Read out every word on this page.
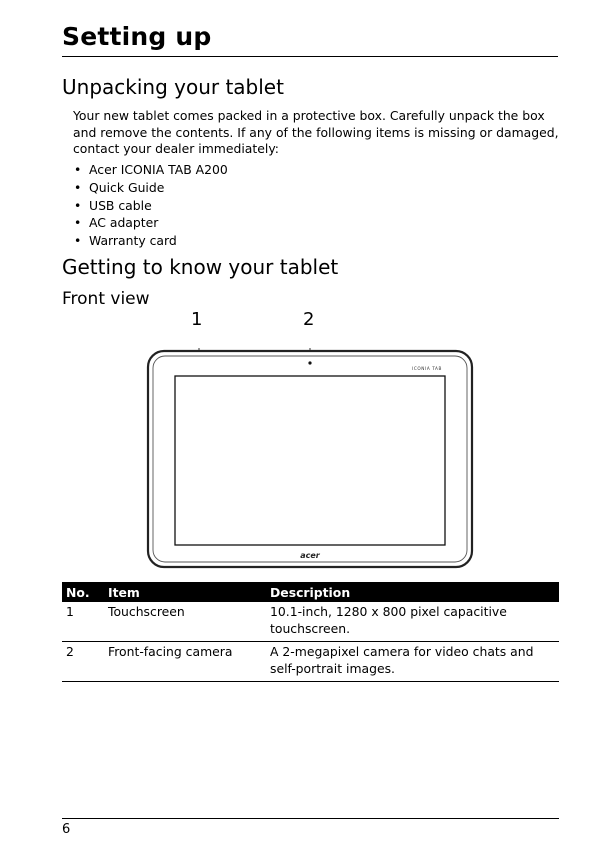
Setting up
Unpacking your tablet

Your new tablet comes packed in a protective box. Carefully unpack the box and remove the contents. If any of the following items is missing or damaged, contact your dealer immediately:

• Acer ICONIA TAB A200
• Quick Guide
• USB cable
• AC adapter
• Warranty card
Getting to know your tablet
Front view
1	2
ICONIA TAB
acer
No.	Item	Description
1	Touchscreen	10.1-inch, 1280 x 800 pixel capacitive touchscreen.
2	Front-facing camera	A 2-megapixel camera for video chats and self-portrait images.
6
